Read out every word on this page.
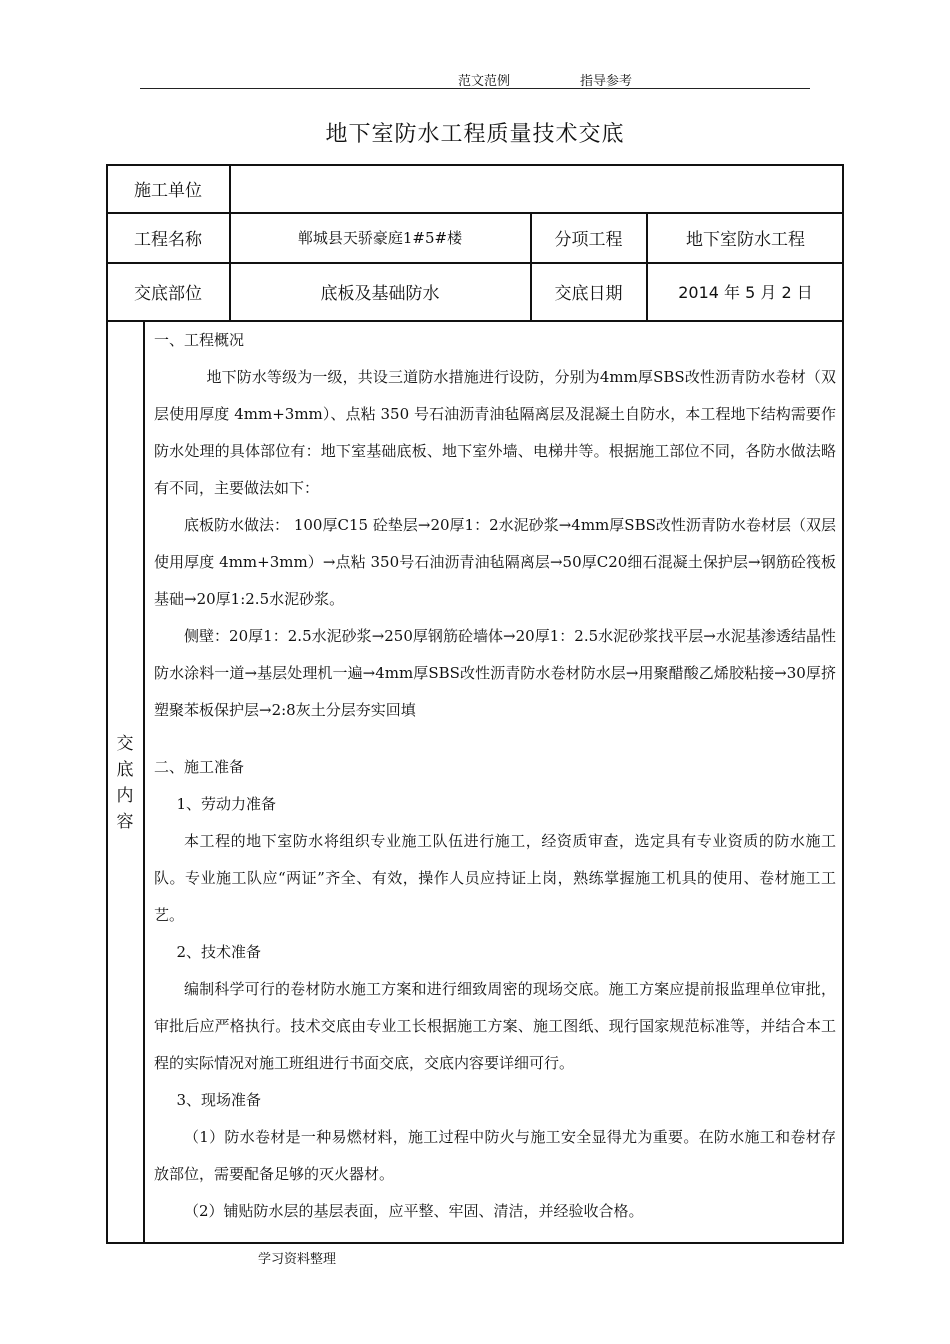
范文范例	指导参考
地下室防水工程质量技术交底
施工单位
工程名称	郸城县天骄豪庭1#5#楼	分项工程	地下室防水工程
交底部位	底板及基础防水	交底日期	2014 年 5 月 2 日
交
底
内
容

一、工程概况

地下防水等级为一级，共设三道防水措施进行设防，分别为4mm厚SBS改性沥青防水卷材（双层使用厚度 4mm+3mm）、点粘 350 号石油沥青油毡隔离层及混凝土自防水，本工程地下结构需要作防水处理的具体部位有：地下室基础底板、地下室外墙、电梯井等。根据施工部位不同，各防水做法略有不同，主要做法如下：

底板防水做法： 100厚C15 砼垫层→20厚1：2水泥砂浆→4mm厚SBS改性沥青防水卷材层（双层使用厚度 4mm+3mm）→点粘 350号石油沥青油毡隔离层→50厚C20细石混凝土保护层→钢筋砼筏板基础→20厚1:2.5水泥砂浆。

侧壁：20厚1：2.5水泥砂浆→250厚钢筋砼墙体→20厚1：2.5水泥砂浆找平层→水泥基渗透结晶性防水涂料一道→基层处理机一遍→4mm厚SBS改性沥青防水卷材防水层→用聚醋酸乙烯胶粘接→30厚挤塑聚苯板保护层→2:8灰土分层夯实回填

二、施工准备

1、劳动力准备

本工程的地下室防水将组织专业施工队伍进行施工，经资质审查，选定具有专业资质的防水施工队。专业施工队应“两证”齐全、有效，操作人员应持证上岗，熟练掌握施工机具的使用、卷材施工工艺。

2、技术准备

编制科学可行的卷材防水施工方案和进行细致周密的现场交底。施工方案应提前报监理单位审批，审批后应严格执行。技术交底由专业工长根据施工方案、施工图纸、现行国家规范标准等，并结合本工程的实际情况对施工班组进行书面交底，交底内容要详细可行。

3、现场准备

（1）防水卷材是一种易燃材料，施工过程中防火与施工安全显得尤为重要。在防水施工和卷材存放部位，需要配备足够的灭火器材。

（2）铺贴防水层的基层表面，应平整、牢固、清洁，并经验收合格。

学习资料整理
